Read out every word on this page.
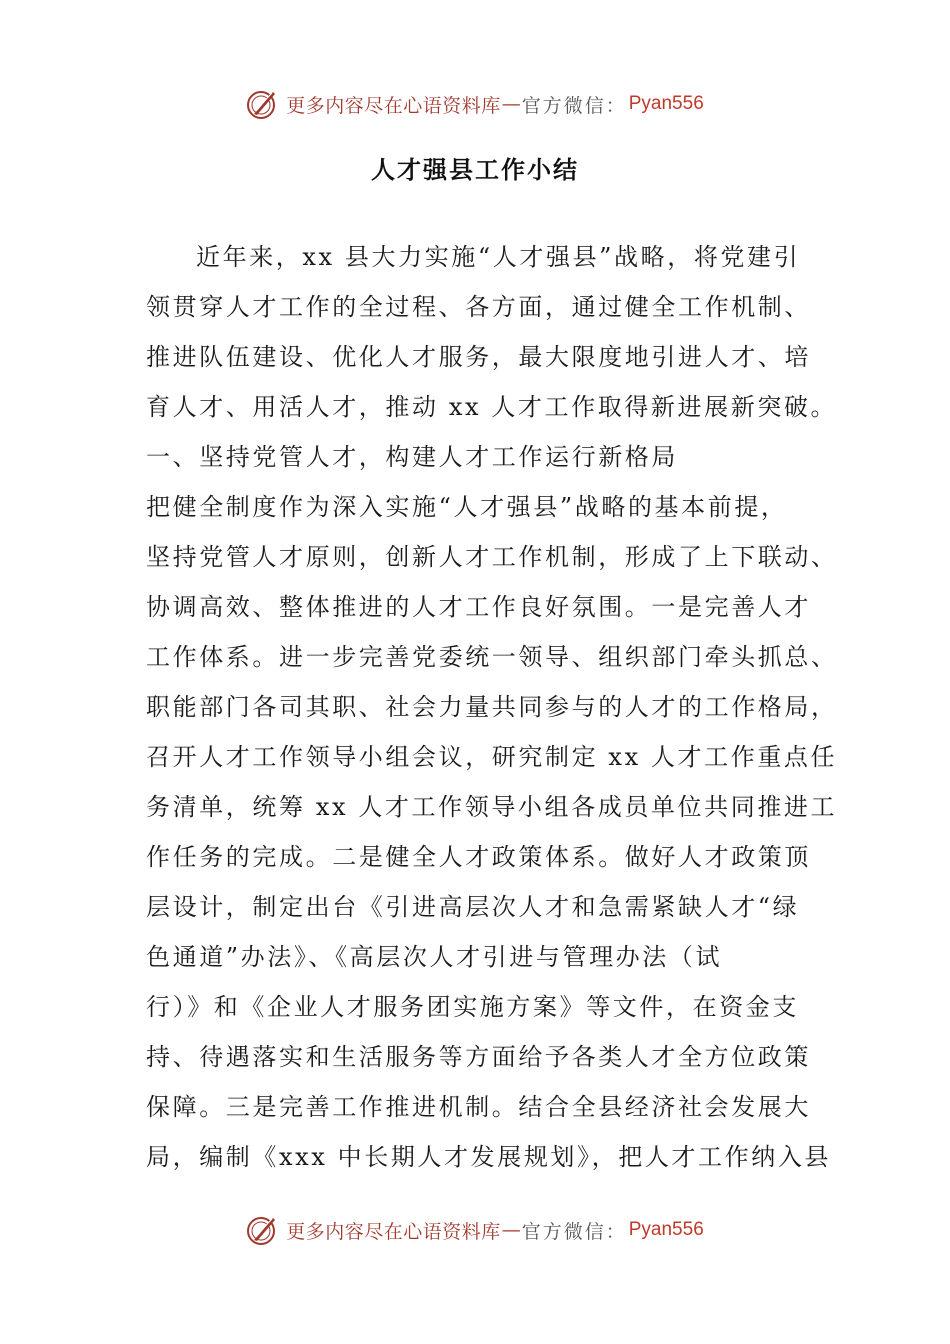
更多内容尽在心语资料库 — 官方微信： Pyan556
人才强县工作小结
近年来，xx 县大力实施“人才强县”战略，将党建引
领贯穿人才工作的全过程、各方面，通过健全工作机制、
推进队伍建设、优化人才服务，最大限度地引进人才、培
育人才、用活人才，推动 xx 人才工作取得新进展新突破。
一、坚持党管人才，构建人才工作运行新格局
把健全制度作为深入实施“人才强县”战略的基本前提，
坚持党管人才原则，创新人才工作机制，形成了上下联动、
协调高效、整体推进的人才工作良好氛围。一是完善人才
工作体系。进一步完善党委统一领导、组织部门牵头抓总、
职能部门各司其职、社会力量共同参与的人才的工作格局，
召开人才工作领导小组会议，研究制定 xx 人才工作重点任
务清单，统筹 xx 人才工作领导小组各成员单位共同推进工
作任务的完成。二是健全人才政策体系。做好人才政策顶
层设计，制定出台《引进高层次人才和急需紧缺人才“绿
色通道”办法》、《高层次人才引进与管理办法（试
行）》和《企业人才服务团实施方案》等文件，在资金支
持、待遇落实和生活服务等方面给予各类人才全方位政策
保障。三是完善工作推进机制。结合全县经济社会发展大
局，编制《xxx 中长期人才发展规划》，把人才工作纳入县
更多内容尽在心语资料库 — 官方微信： Pyan556
